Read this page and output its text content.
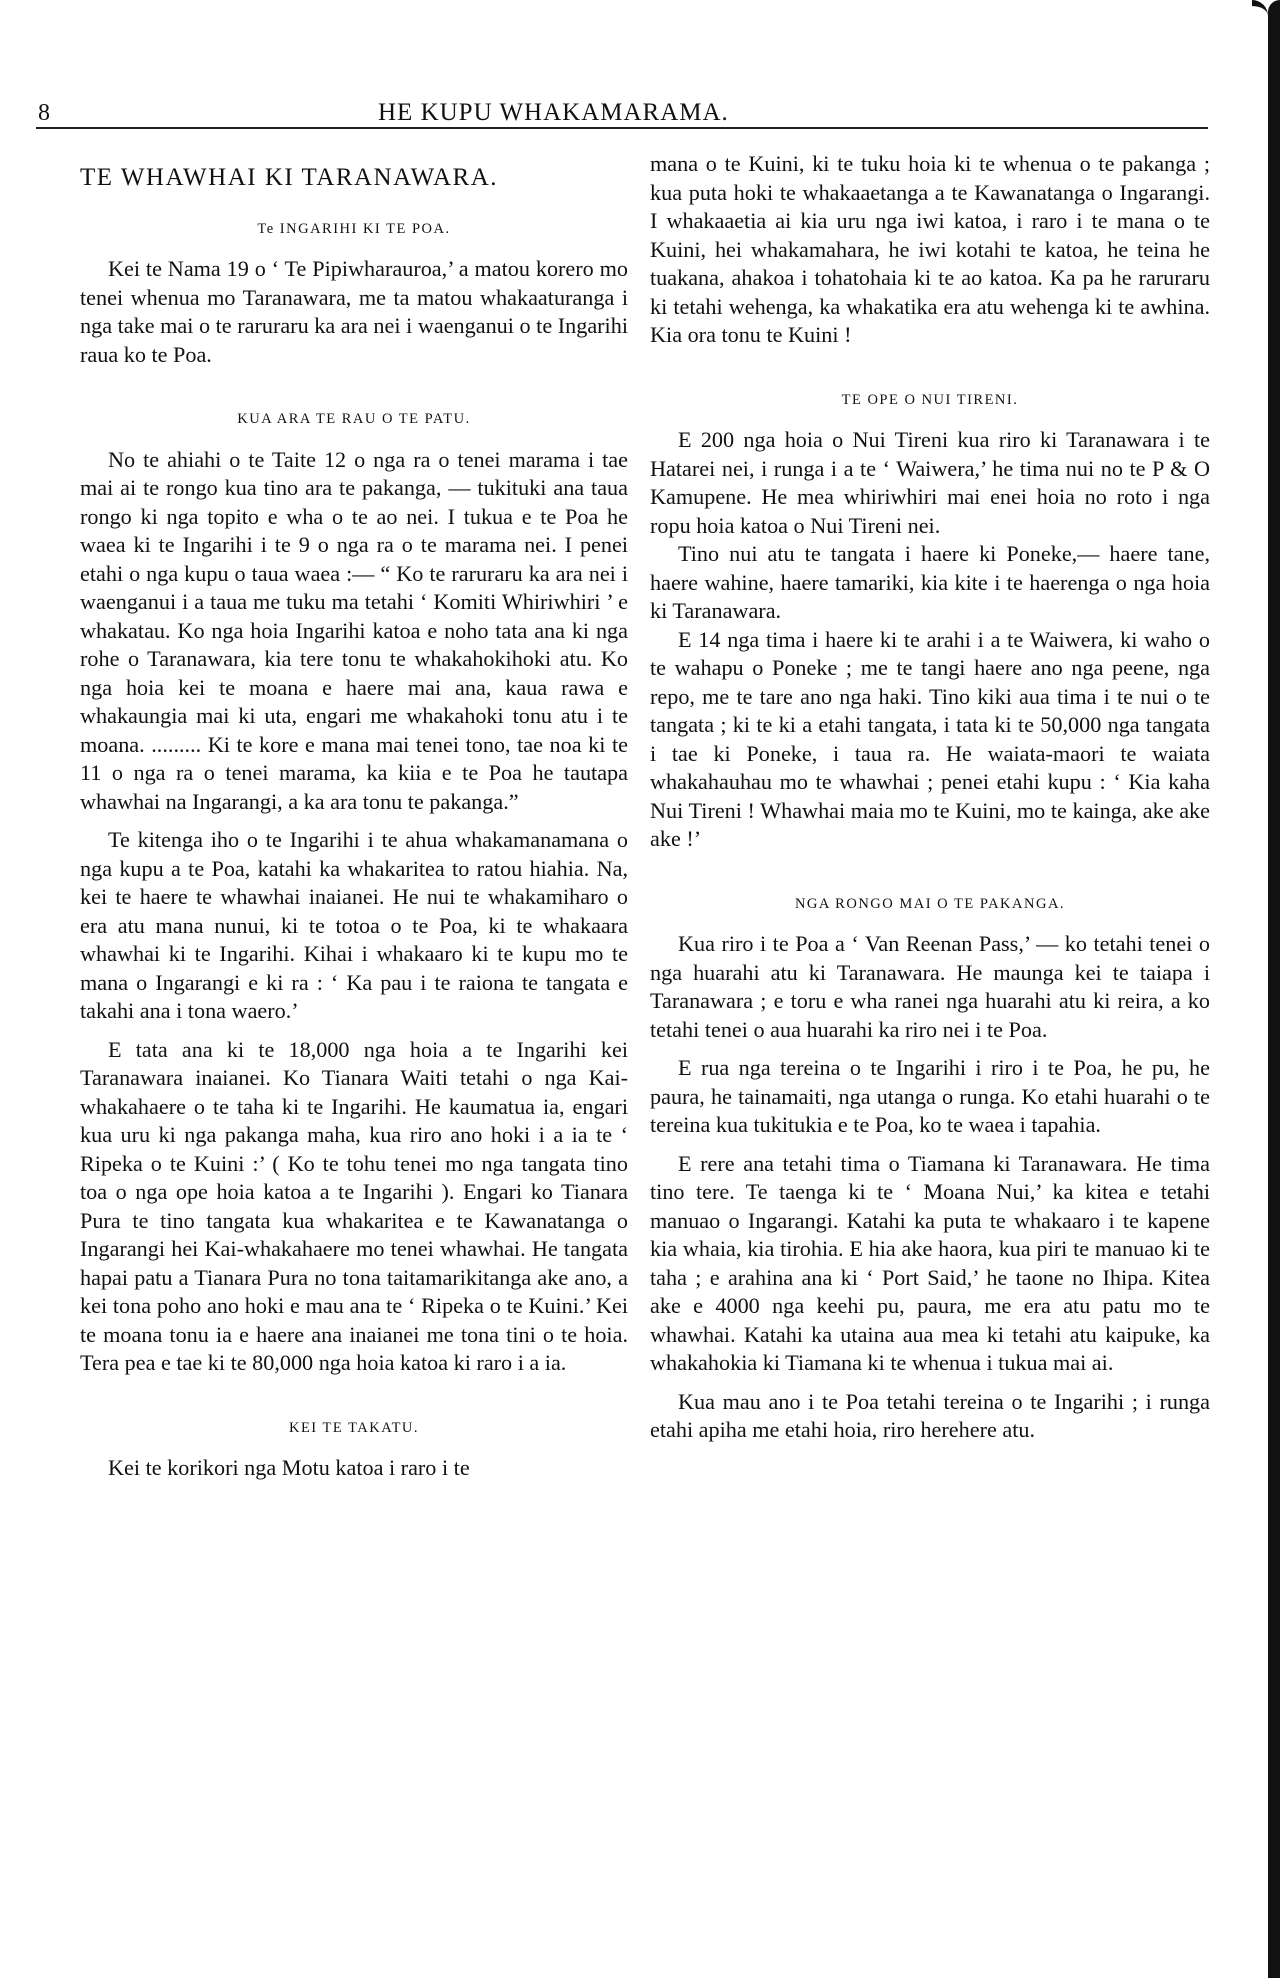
8	HE KUPU WHAKAMARAMA.
TE WHAWHAI KI TARANAWARA.
Te INGARIHI KI TE POA.

Kei te Nama 19 o ‘ Te Pipiwharauroa,’ a matou korero mo tenei whenua mo Taranawara, me ta matou whakaaturanga i nga take mai o te raruraru ka ara nei i waenganui o te Ingarihi raua ko te Poa.

KUA ARA TE RAU O TE PATU.

No te ahiahi o te Taite 12 o nga ra o tenei marama i tae mai ai te rongo kua tino ara te pakanga, — tukituki ana taua rongo ki nga topito e wha o te ao nei. I tukua e te Poa he waea ki te Ingarihi i te 9 o nga ra o te marama nei. I penei etahi o nga kupu o taua waea :— “ Ko te raruraru ka ara nei i waenganui i a taua me tuku ma tetahi ‘ Komiti Whiriwhiri ’ e whakatau. Ko nga hoia Ingarihi katoa e noho tata ana ki nga rohe o Taranawara, kia tere tonu te whakahokihoki atu. Ko nga hoia kei te moana e haere mai ana, kaua rawa e whakaungia mai ki uta, engari me whakahoki tonu atu i te moana. ......... Ki te kore e mana mai tenei tono, tae noa ki te 11 o nga ra o tenei marama, ka kiia e te Poa he tautapa whawhai na Ingarangi, a ka ara tonu te pakanga.”

Te kitenga iho o te Ingarihi i te ahua whakamanamana o nga kupu a te Poa, katahi ka whakaritea to ratou hiahia. Na, kei te haere te whawhai inaianei. He nui te whakamiharo o era atu mana nunui, ki te totoa o te Poa, ki te whakaara whawhai ki te Ingarihi. Kihai i whakaaro ki te kupu mo te mana o Ingarangi e ki ra : ‘ Ka pau i te raiona te tangata e takahi ana i tona waero.’

E tata ana ki te 18,000 nga hoia a te Ingarihi kei Taranawara inaianei. Ko Tianara Waiti tetahi o nga Kai-whakahaere o te taha ki te Ingarihi. He kaumatua ia, engari kua uru ki nga pakanga maha, kua riro ano hoki i a ia te ‘ Ripeka o te Kuini :’ ( Ko te tohu tenei mo nga tangata tino toa o nga ope hoia katoa a te Ingarihi ). Engari ko Tianara Pura te tino tangata kua whakaritea e te Kawanatanga o Ingarangi hei Kai-whakahaere mo tenei whawhai. He tangata hapai patu a Tianara Pura no tona taitamarikitanga ake ano, a kei tona poho ano hoki e mau ana te ‘ Ripeka o te Kuini.’ Kei te moana tonu ia e haere ana inaianei me tona tini o te hoia. Tera pea e tae ki te 80,000 nga hoia katoa ki raro i a ia.

KEI TE TAKATU.

Kei te korikori nga Motu katoa i raro i te

mana o te Kuini, ki te tuku hoia ki te whenua o te pakanga ; kua puta hoki te whakaaetanga a te Kawanatanga o Ingarangi. I whakaaetia ai kia uru nga iwi katoa, i raro i te mana o te Kuini, hei whakamahara, he iwi kotahi te katoa, he teina he tuakana, ahakoa i tohatohaia ki te ao katoa. Ka pa he raruraru ki tetahi wehenga, ka whakatika era atu wehenga ki te awhina. Kia ora tonu te Kuini !

TE OPE O NUI TIRENI.

E 200 nga hoia o Nui Tireni kua riro ki Taranawara i te Hatarei nei, i runga i a te ‘ Waiwera,’ he tima nui no te P & O Kamupene. He mea whiriwhiri mai enei hoia no roto i nga ropu hoia katoa o Nui Tireni nei.

Tino nui atu te tangata i haere ki Poneke,— haere tane, haere wahine, haere tamariki, kia kite i te haerenga o nga hoia ki Taranawara.

E 14 nga tima i haere ki te arahi i a te Waiwera, ki waho o te wahapu o Poneke ; me te tangi haere ano nga peene, nga repo, me te tare ano nga haki. Tino kiki aua tima i te nui o te tangata ; ki te ki a etahi tangata, i tata ki te 50,000 nga tangata i tae ki Poneke, i taua ra. He waiata-maori te waiata whakahauhau mo te whawhai ; penei etahi kupu : ‘ Kia kaha Nui Tireni ! Whawhai maia mo te Kuini, mo te kainga, ake ake ake !’

NGA RONGO MAI O TE PAKANGA.

Kua riro i te Poa a ‘ Van Reenan Pass,’ — ko tetahi tenei o nga huarahi atu ki Taranawara. He maunga kei te taiapa i Taranawara ; e toru e wha ranei nga huarahi atu ki reira, a ko tetahi tenei o aua huarahi ka riro nei i te Poa.

E rua nga tereina o te Ingarihi i riro i te Poa, he pu, he paura, he tainamaiti, nga utanga o runga. Ko etahi huarahi o te tereina kua tukitukia e te Poa, ko te waea i tapahia.

E rere ana tetahi tima o Tiamana ki Taranawara. He tima tino tere. Te taenga ki te ‘ Moana Nui,’ ka kitea e tetahi manuao o Ingarangi. Katahi ka puta te whakaaro i te kapene kia whaia, kia tirohia. E hia ake haora, kua piri te manuao ki te taha ; e arahina ana ki ‘ Port Said,’ he taone no Ihipa. Kitea ake e 4000 nga keehi pu, paura, me era atu patu mo te whawhai. Katahi ka utaina aua mea ki tetahi atu kaipuke, ka whakahokia ki Tiamana ki te whenua i tukua mai ai.

Kua mau ano i te Poa tetahi tereina o te Ingarihi ; i runga etahi apiha me etahi hoia, riro herehere atu.
